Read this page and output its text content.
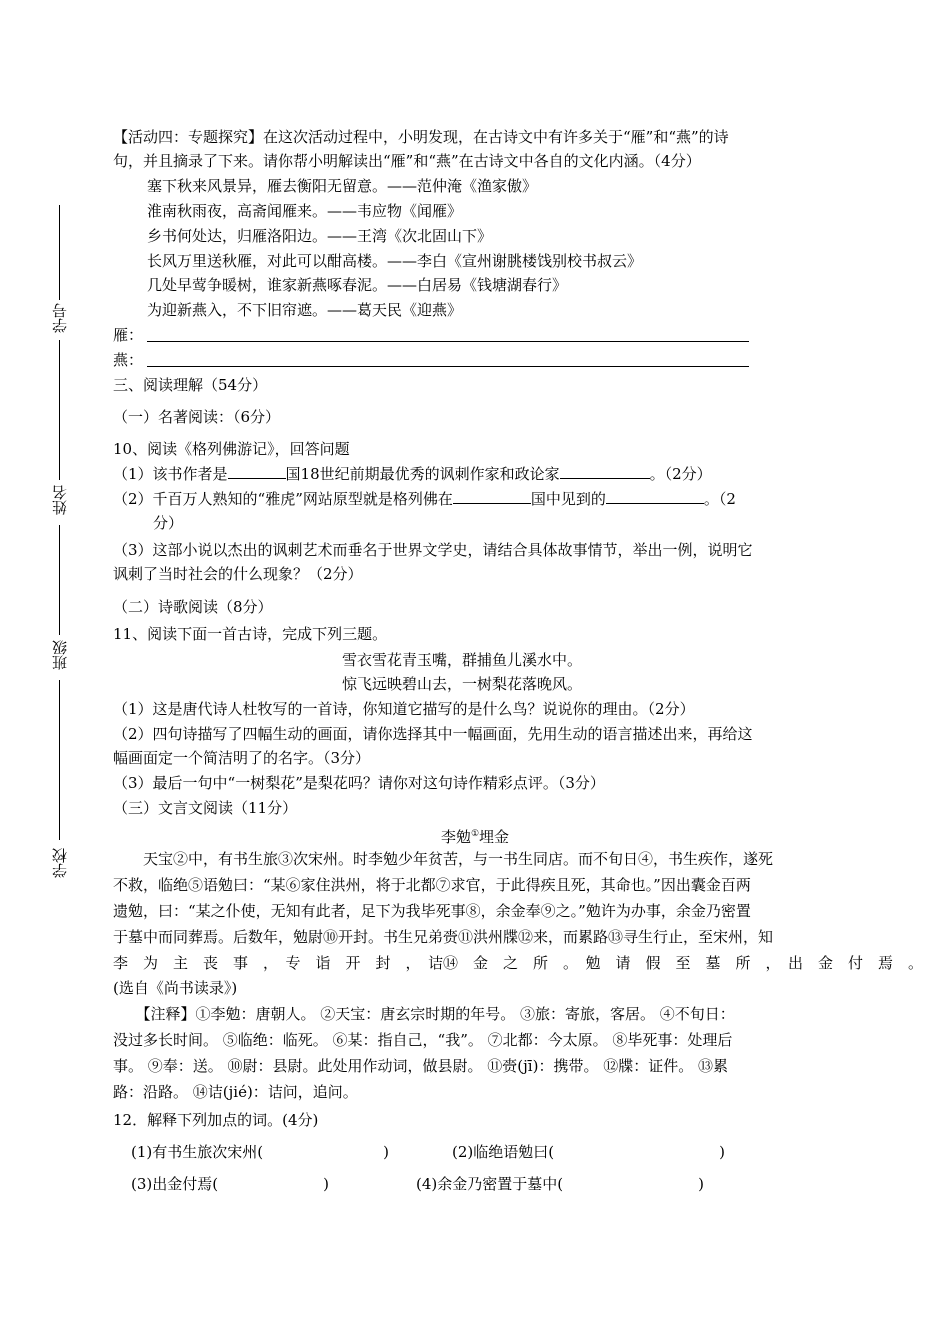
学号
姓名
班级
学校
【活动四：专题探究】在这次活动过程中，小明发现，在古诗文中有许多关于“雁”和“燕”的诗
句，并且摘录了下来。请你帮小明解读出“雁”和“燕”在古诗文中各自的文化内涵。（4分）
塞下秋来风景异，雁去衡阳无留意。——范仲淹《渔家傲》
淮南秋雨夜，高斋闻雁来。——韦应物《闻雁》
乡书何处达，归雁洛阳边。——王湾《次北固山下》
长风万里送秋雁，对此可以酣高楼。——李白《宣州谢朓楼饯别校书叔云》
几处早莺争暖树，谁家新燕啄春泥。——白居易《钱塘湖春行》
为迎新燕入，不下旧帘遮。——葛天民《迎燕》
雁：
燕：
三、阅读理解（54分）
（一）名著阅读：（6分）
10、阅读《格列佛游记》，回答问题
（1）该书作者是	国18世纪前期最优秀的讽刺作家和政论家	。（2分）
（2）千百万人熟知的“雅虎”网站原型就是格列佛在	国中见到的	。（2
分）
（3）这部小说以杰出的讽刺艺术而垂名于世界文学史，请结合具体故事情节，举出一例，说明它
讽刺了当时社会的什么现象？（2分）
（二）诗歌阅读（8分）
11、阅读下面一首古诗，完成下列三题。
雪衣雪花青玉嘴，群捕鱼儿溪水中。
惊飞远映碧山去，一树梨花落晚风。
（1）这是唐代诗人杜牧写的一首诗，你知道它描写的是什么鸟？说说你的理由。（2分）
（2）四句诗描写了四幅生动的画面，请你选择其中一幅画面，先用生动的语言描述出来，再给这
幅画面定一个简洁明了的名字。（3分）
（3）最后一句中“一树梨花”是梨花吗？请你对这句诗作精彩点评。（3分）
（三）文言文阅读（11分）
李勉①埋金
　　天宝②中，有书生旅③次宋州。时李勉少年贫苦，与一书生同店。而不旬日④，书生疾作，遂死
不救，临绝⑤语勉曰：“某⑥家住洪州，将于北都⑦求官，于此得疾且死，其命也。”因出囊金百两
遗勉，曰：“某之仆使，无知有此者，足下为我毕死事⑧，余金奉⑨之。”勉许为办事，余金乃密置
于墓中而同葬焉。后数年，勉尉⑩开封。书生兄弟赍⑪洪州牒⑫来，而累路⑬寻生行止，至宋州，知
李　为　主　丧　事　，　专　诣　开　封　，　诘⑭　金　之　所　。　勉　请　假　至　墓　所　，　出　金　付　焉　。
(选自《尚书读录》)
　　【注释】①李勉：唐朝人。 ②天宝：唐玄宗时期的年号。 ③旅：寄旅，客居。 ④不旬日：
没过多长时间。 ⑤临绝：临死。 ⑥某：指自己，“我”。 ⑦北都：今太原。 ⑧毕死事：处理后
事。 ⑨奉：送。 ⑩尉：县尉。此处用作动词，做县尉。 ⑪赍(jī)：携带。 ⑫牒：证件。 ⑬累
路：沿路。 ⑭诘(jié)：诘问，追问。
12．解释下列加点的词。(4分)
(1)有书生旅次宋州(　　　　　　　　)	(2)临绝语勉曰(　　　　　　　　　　　)
(3)出金付焉(　　　　　　　)	(4)余金乃密置于墓中(　　　　　　　　　)
